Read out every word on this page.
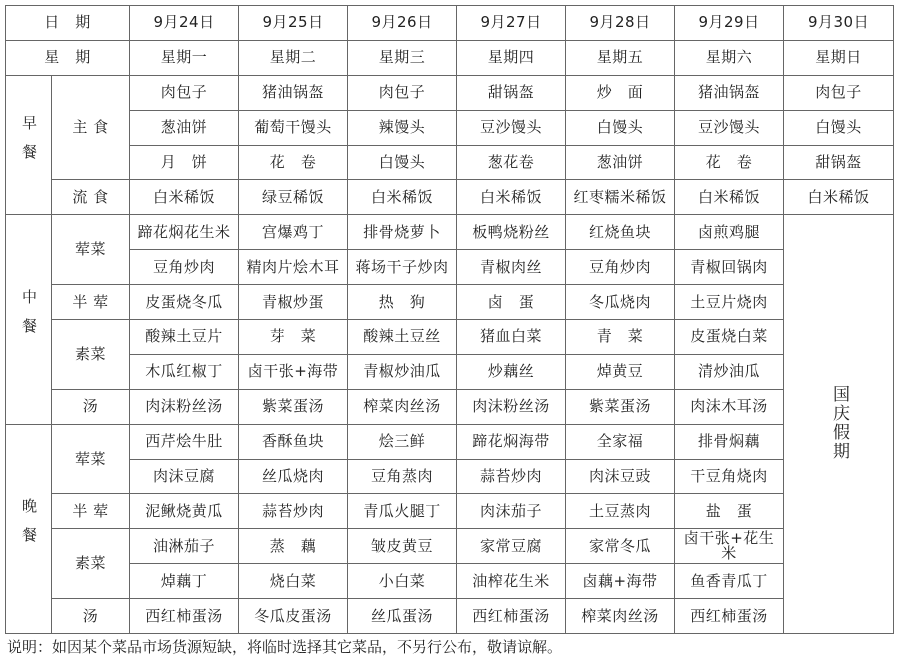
日　期		9月24日	9月25日	9月26日	9月27日	9月28日	9月29日	9月30日
星　期		星期一	星期二	星期三	星期四	星期五	星期六	星期日
早餐	主 食	肉包子	猪油锅盔	肉包子	甜锅盔	炒　面	猪油锅盔	肉包子
		葱油饼	葡萄干馒头	辣馒头	豆沙馒头	白馒头	豆沙馒头	白馒头
		月　饼	花　卷	白馒头	葱花卷	葱油饼	花　卷	甜锅盔
	流 食	白米稀饭	绿豆稀饭	白米稀饭	白米稀饭	红枣糯米稀饭	白米稀饭	白米稀饭
中餐	荤菜	蹄花焖花生米	宫爆鸡丁	排骨烧萝卜	板鸭烧粉丝	红烧鱼块	卤煎鸡腿	国庆假期
		豆角炒肉	精肉片烩木耳	蒋场干子炒肉	青椒肉丝	豆角炒肉	青椒回锅肉	
	半 荤	皮蛋烧冬瓜	青椒炒蛋	热　狗	卤　蛋	冬瓜烧肉	土豆片烧肉	
	素菜	酸辣土豆片	芽　菜	酸辣土豆丝	猪血白菜	青　菜	皮蛋烧白菜	
		木瓜红椒丁	卤干张+海带	青椒炒油瓜	炒藕丝	焯黄豆	清炒油瓜	
	汤	肉沫粉丝汤	紫菜蛋汤	榨菜肉丝汤	肉沫粉丝汤	紫菜蛋汤	肉沫木耳汤	
晚餐	荤菜	西芹烩牛肚	香酥鱼块	烩三鲜	蹄花焖海带	全家福	排骨焖藕	
		肉沫豆腐	丝瓜烧肉	豆角蒸肉	蒜苔炒肉	肉沫豆豉	干豆角烧肉	
	半 荤	泥鳅烧黄瓜	蒜苔炒肉	青瓜火腿丁	肉沫茄子	土豆蒸肉	盐　蛋	
	素菜	油淋茄子	蒸　藕	皱皮黄豆	家常豆腐	家常冬瓜	卤干张+花生米	
		焯藕丁	烧白菜	小白菜	油榨花生米	卤藕+海带	鱼香青瓜丁	
	汤	西红柿蛋汤	冬瓜皮蛋汤	丝瓜蛋汤	西红柿蛋汤	榨菜肉丝汤	西红柿蛋汤	
说明：如因某个菜品市场货源短缺，将临时选择其它菜品，不另行公布，敬请谅解。
